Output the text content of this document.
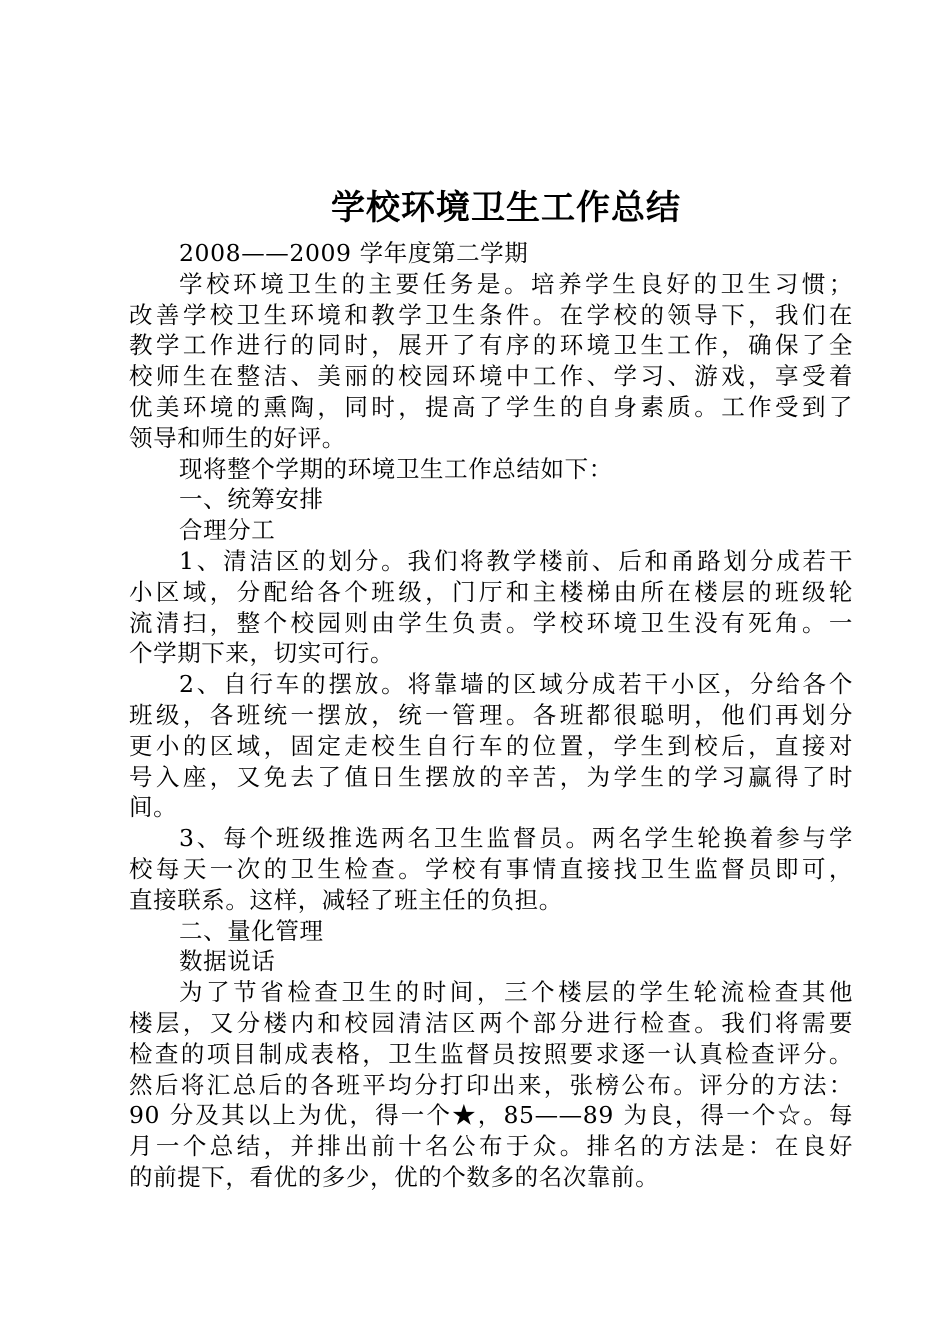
学校环境卫生工作总结

2008——2009 学年度第二学期

学校环境卫生的主要任务是。培养学生良好的卫生习惯；

改善学校卫生环境和教学卫生条件。在学校的领导下，我们在

教学工作进行的同时，展开了有序的环境卫生工作，确保了全

校师生在整洁、美丽的校园环境中工作、学习、游戏，享受着

优美环境的熏陶，同时，提高了学生的自身素质。工作受到了

领导和师生的好评。

现将整个学期的环境卫生工作总结如下：

一、统筹安排

合理分工

1、清洁区的划分。我们将教学楼前、后和甬路划分成若干

小区域，分配给各个班级，门厅和主楼梯由所在楼层的班级轮

流清扫，整个校园则由学生负责。学校环境卫生没有死角。一

个学期下来，切实可行。

2、自行车的摆放。将靠墙的区域分成若干小区，分给各个

班级，各班统一摆放，统一管理。各班都很聪明，他们再划分

更小的区域，固定走校生自行车的位置，学生到校后，直接对

号入座，又免去了值日生摆放的辛苦，为学生的学习赢得了时

间。

3、每个班级推选两名卫生监督员。两名学生轮换着参与学

校每天一次的卫生检查。学校有事情直接找卫生监督员即可，

直接联系。这样，减轻了班主任的负担。

二、量化管理

数据说话

为了节省检查卫生的时间，三个楼层的学生轮流检查其他

楼层，又分楼内和校园清洁区两个部分进行检查。我们将需要

检查的项目制成表格，卫生监督员按照要求逐一认真检查评分。

然后将汇总后的各班平均分打印出来，张榜公布。评分的方法：

90 分及其以上为优，得一个★，85——89 为良，得一个☆。每

月一个总结，并排出前十名公布于众。排名的方法是：在良好

的前提下，看优的多少，优的个数多的名次靠前。
